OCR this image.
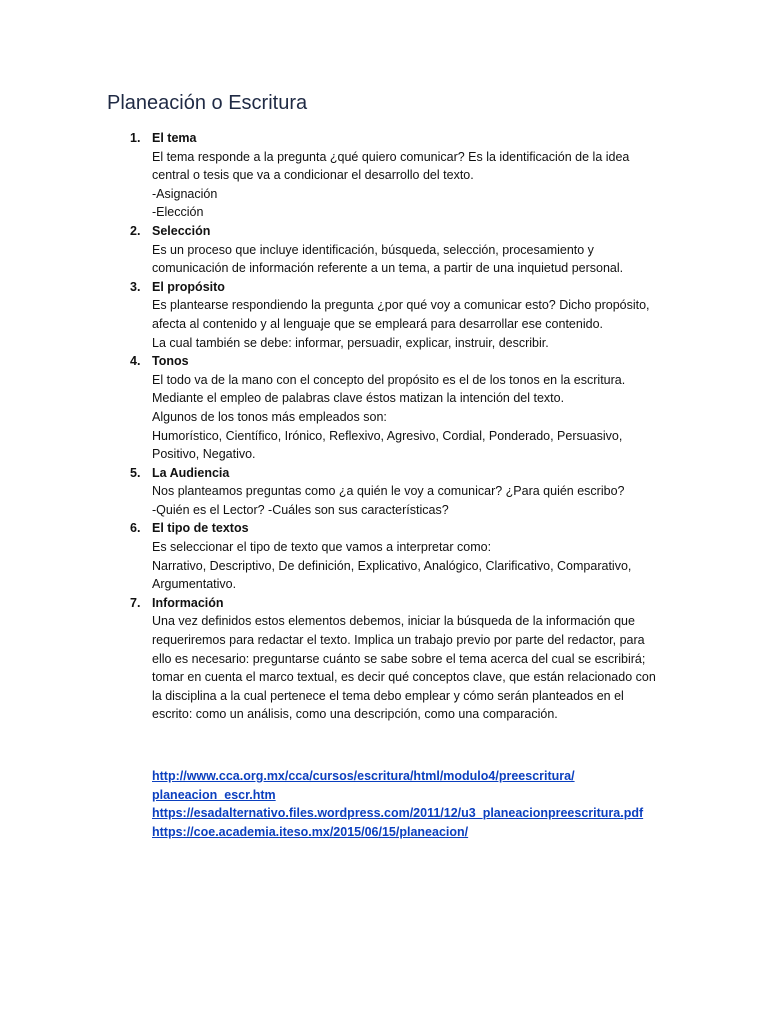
Planeación o Escritura
1. El tema
El tema responde a la pregunta ¿qué quiero comunicar? Es la identificación de la idea
central o tesis que va a condicionar el desarrollo del texto.
-Asignación
-Elección
2. Selección
Es un proceso que incluye identificación, búsqueda, selección, procesamiento y
comunicación de información referente a un tema, a partir de una inquietud personal.
3. El propósito
Es plantearse respondiendo la pregunta ¿por qué voy a comunicar esto? Dicho propósito,
afecta al contenido y al lenguaje que se empleará para desarrollar ese contenido.
La cual también se debe: informar, persuadir, explicar, instruir, describir.
4. Tonos
El todo va de la mano con el concepto del propósito es el de los tonos en la escritura.
Mediante el empleo de palabras clave éstos matizan la intención del texto.
Algunos de los tonos más empleados son:
Humorístico, Científico, Irónico, Reflexivo, Agresivo, Cordial, Ponderado, Persuasivo,
Positivo, Negativo.
5. La Audiencia
Nos planteamos preguntas como ¿a quién le voy a comunicar? ¿Para quién escribo?
-Quién es el Lector? -Cuáles son sus características?
6. El tipo de textos
Es seleccionar el tipo de texto que vamos a interpretar como:
Narrativo, Descriptivo, De definición, Explicativo, Analógico, Clarificativo, Comparativo,
Argumentativo.
7. Información
Una vez definidos estos elementos debemos, iniciar la búsqueda de la información que
requeriremos para redactar el texto. Implica un trabajo previo por parte del redactor, para
ello es necesario: preguntarse cuánto se sabe sobre el tema acerca del cual se escribirá;
tomar en cuenta el marco textual, es decir qué conceptos clave, que están relacionado con
la disciplina a la cual pertenece el tema debo emplear y cómo serán planteados en el
escrito: como un análisis, como una descripción, como una comparación.
http://www.cca.org.mx/cca/cursos/escritura/html/modulo4/preescritura/
planeacion_escr.htm
https://esadalternativo.files.wordpress.com/2011/12/u3_planeacionpreescritura.pdf
https://coe.academia.iteso.mx/2015/06/15/planeacion/
